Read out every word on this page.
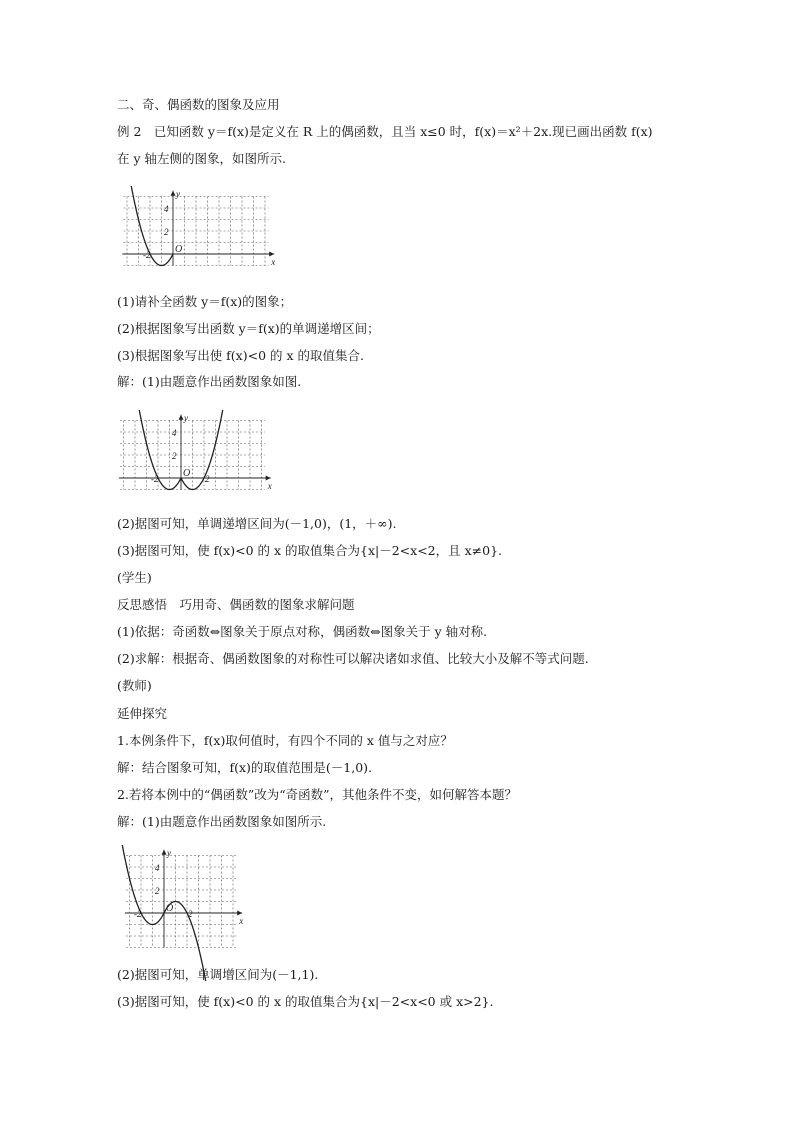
二、奇、偶函数的图象及应用
例 2　已知函数 y＝f(x)是定义在 R 上的偶函数，且当 x≤0 时，f(x)＝x²＋2x.现已画出函数 f(x)
在 y 轴左侧的图象，如图所示.
y
x
O
4
2
-2
(1)请补全函数 y＝f(x)的图象；
(2)根据图象写出函数 y＝f(x)的单调递增区间；
(3)根据图象写出使 f(x)<0 的 x 的取值集合.
解：(1)由题意作出函数图象如图.
y
x
O
4
2
-2	2
(2)据图可知，单调递增区间为(－1,0)，(1，＋∞).
(3)据图可知，使 f(x)<0 的 x 的取值集合为{x|－2<x<2，且 x≠0}.
(学生)
反思感悟　巧用奇、偶函数的图象求解问题
(1)依据：奇函数⇔图象关于原点对称，偶函数⇔图象关于 y 轴对称.
(2)求解：根据奇、偶函数图象的对称性可以解决诸如求值、比较大小及解不等式问题.
(教师)
延伸探究
1.本例条件下，f(x)取何值时，有四个不同的 x 值与之对应？
解：结合图象可知，f(x)的取值范围是(－1,0).
2.若将本例中的“偶函数”改为“奇函数”，其他条件不变，如何解答本题？
解：(1)由题意作出函数图象如图所示.
y
x
O
4
2
-2	2
(2)据图可知，单调增区间为(－1,1).
(3)据图可知，使 f(x)<0 的 x 的取值集合为{x|－2<x<0 或 x>2}.
